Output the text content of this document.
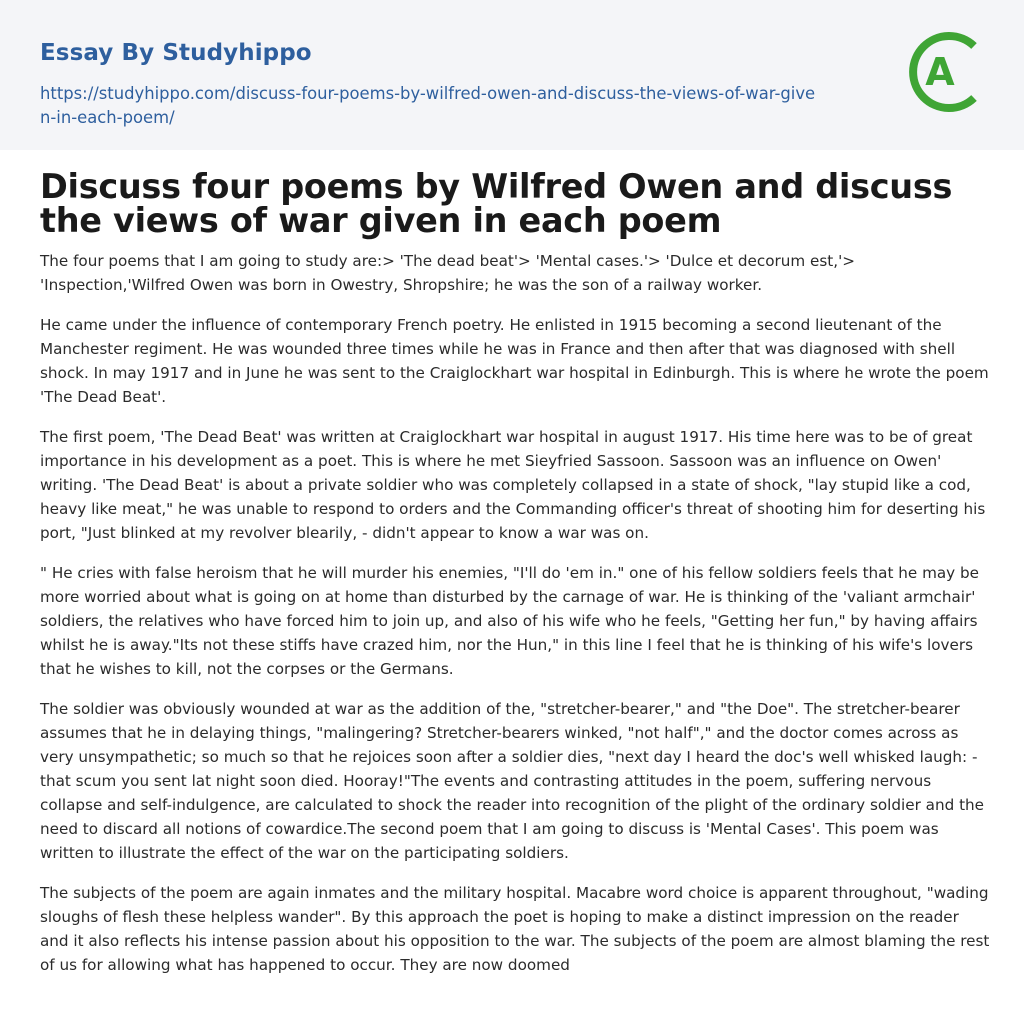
Essay By Studyhippo
https://studyhippo.com/discuss-four-poems-by-wilfred-owen-and-discuss-the-views-of-war-given-in-each-poem/
A
Discuss four poems by Wilfred Owen and discuss the views of war given in each poem

The four poems that I am going to study are:> 'The dead beat'> 'Mental cases.'> 'Dulce et decorum est,'> 'Inspection,'Wilfred Owen was born in Owestry, Shropshire; he was the son of a railway worker.

He came under the influence of contemporary French poetry. He enlisted in 1915 becoming a second lieutenant of the Manchester regiment. He was wounded three times while he was in France and then after that was diagnosed with shell shock. In may 1917 and in June he was sent to the Craiglockhart war hospital in Edinburgh. This is where he wrote the poem 'The Dead Beat'.

The first poem, 'The Dead Beat' was written at Craiglockhart war hospital in august 1917. His time here was to be of great importance in his development as a poet. This is where he met Sieyfried Sassoon. Sassoon was an influence on Owen' writing. 'The Dead Beat' is about a private soldier who was completely collapsed in a state of shock, "lay stupid like a cod, heavy like meat," he was unable to respond to orders and the Commanding officer's threat of shooting him for deserting his port, "Just blinked at my revolver blearily, - didn't appear to know a war was on.

" He cries with false heroism that he will murder his enemies, "I'll do 'em in." one of his fellow soldiers feels that he may be more worried about what is going on at home than disturbed by the carnage of war. He is thinking of the 'valiant armchair' soldiers, the relatives who have forced him to join up, and also of his wife who he feels, "Getting her fun," by having affairs whilst he is away."Its not these stiffs have crazed him, nor the Hun," in this line I feel that he is thinking of his wife's lovers that he wishes to kill, not the corpses or the Germans.

The soldier was obviously wounded at war as the addition of the, "stretcher-bearer," and "the Doe". The stretcher-bearer assumes that he in delaying things, "malingering? Stretcher-bearers winked, "not half"," and the doctor comes across as very unsympathetic; so much so that he rejoices soon after a soldier dies, "next day I heard the doc's well whisked laugh: - that scum you sent lat night soon died. Hooray!"The events and contrasting attitudes in the poem, suffering nervous collapse and self-indulgence, are calculated to shock the reader into recognition of the plight of the ordinary soldier and the need to discard all notions of cowardice.The second poem that I am going to discuss is 'Mental Cases'. This poem was written to illustrate the effect of the war on the participating soldiers.

The subjects of the poem are again inmates and the military hospital. Macabre word choice is apparent throughout, "wading sloughs of flesh these helpless wander". By this approach the poet is hoping to make a distinct impression on the reader and it also reflects his intense passion about his opposition to the war. The subjects of the poem are almost blaming the rest of us for allowing what has happened to occur. They are now doomed
